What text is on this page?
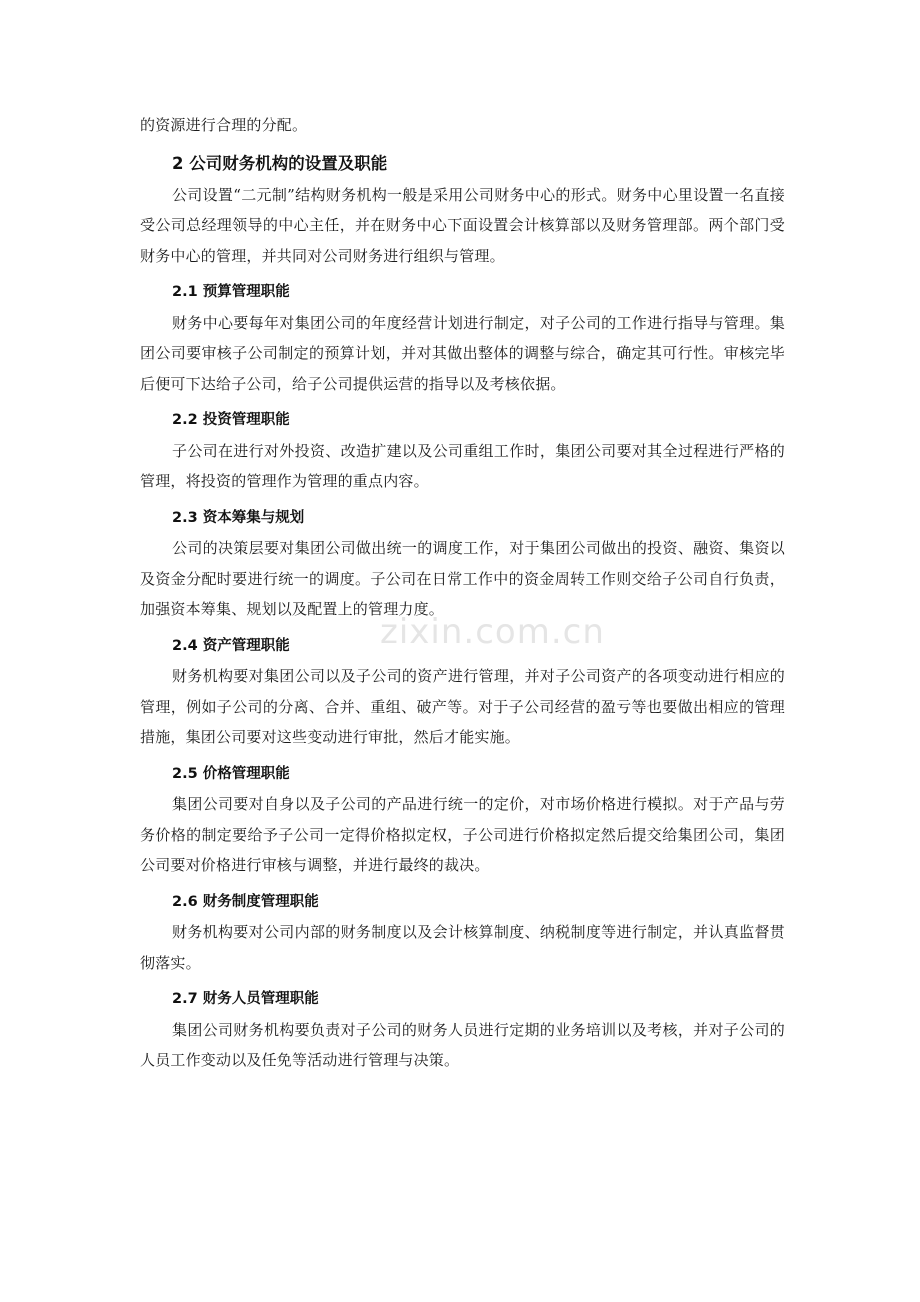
的资源进行合理的分配。

2 公司财务机构的设置及职能

公司设置“二元制”结构财务机构一般是采用公司财务中心的形式。财务中心里设置一名直接受公司总经理领导的中心主任，并在财务中心下面设置会计核算部以及财务管理部。两个部门受财务中心的管理，并共同对公司财务进行组织与管理。

2.1 预算管理职能

财务中心要每年对集团公司的年度经营计划进行制定，对子公司的工作进行指导与管理。集团公司要审核子公司制定的预算计划，并对其做出整体的调整与综合，确定其可行性。审核完毕后便可下达给子公司，给子公司提供运营的指导以及考核依据。

2.2 投资管理职能

子公司在进行对外投资、改造扩建以及公司重组工作时，集团公司要对其全过程进行严格的管理，将投资的管理作为管理的重点内容。

2.3 资本筹集与规划

公司的决策层要对集团公司做出统一的调度工作，对于集团公司做出的投资、融资、集资以及资金分配时要进行统一的调度。子公司在日常工作中的资金周转工作则交给子公司自行负责，加强资本筹集、规划以及配置上的管理力度。

2.4 资产管理职能

财务机构要对集团公司以及子公司的资产进行管理，并对子公司资产的各项变动进行相应的管理，例如子公司的分离、合并、重组、破产等。对于子公司经营的盈亏等也要做出相应的管理措施，集团公司要对这些变动进行审批，然后才能实施。

2.5 价格管理职能

集团公司要对自身以及子公司的产品进行统一的定价，对市场价格进行模拟。对于产品与劳务价格的制定要给予子公司一定得价格拟定权，子公司进行价格拟定然后提交给集团公司，集团公司要对价格进行审核与调整，并进行最终的裁决。

2.6 财务制度管理职能

财务机构要对公司内部的财务制度以及会计核算制度、纳税制度等进行制定，并认真监督贯彻落实。

2.7 财务人员管理职能

集团公司财务机构要负责对子公司的财务人员进行定期的业务培训以及考核，并对子公司的人员工作变动以及任免等活动进行管理与决策。

zixin.com.cn
